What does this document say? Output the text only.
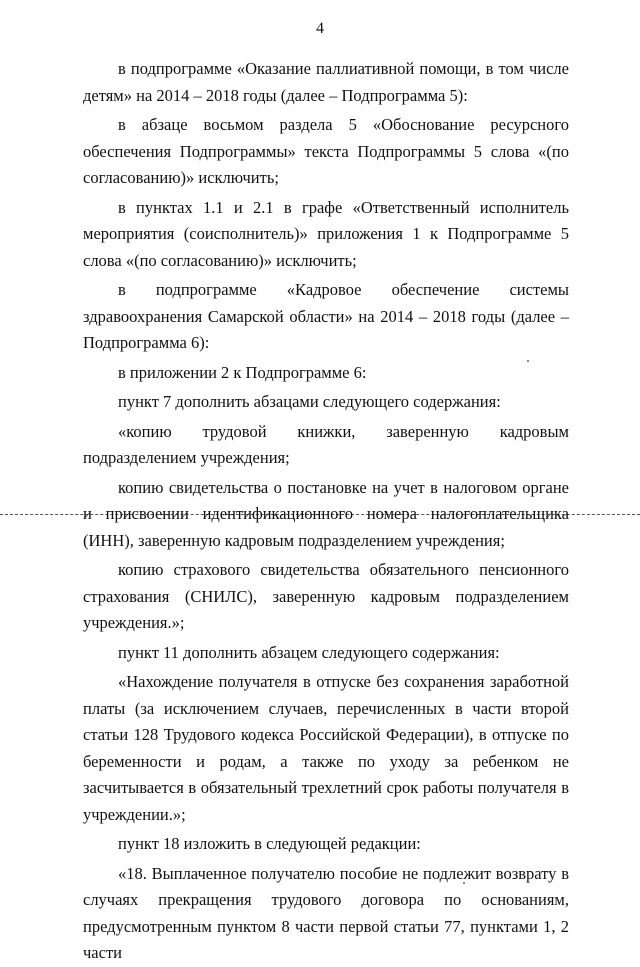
4

в подпрограмме «Оказание паллиативной помощи, в том числе детям» на 2014 – 2018 годы (далее – Подпрограмма 5):

в абзаце восьмом раздела 5 «Обоснование ресурсного обеспечения Подпрограммы» текста Подпрограммы 5 слова «(по согласованию)» исключить;

в пунктах 1.1 и 2.1 в графе «Ответственный исполнитель мероприятия (соисполнитель)» приложения 1 к Подпрограмме 5 слова «(по согласованию)» исключить;

в подпрограмме «Кадровое обеспечение системы здравоохранения Самарской области» на 2014 – 2018 годы (далее – Подпрограмма 6):

в приложении 2 к Подпрограмме 6:

пункт 7 дополнить абзацами следующего содержания:

«копию трудовой книжки, заверенную кадровым подразделением учреждения;

копию свидетельства о постановке на учет в налоговом органе и присвоении идентификационного номера налогоплательщика (ИНН), заверенную кадровым подразделением учреждения;

копию страхового свидетельства обязательного пенсионного страхования (СНИЛС), заверенную кадровым подразделением учреждения.»;

пункт 11 дополнить абзацем следующего содержания:

«Нахождение получателя в отпуске без сохранения заработной платы (за исключением случаев, перечисленных в части второй статьи 128 Трудового кодекса Российской Федерации), в отпуске по беременности и родам, а также по уходу за ребенком не засчитывается в обязательный трехлетний срок работы получателя в учреждении.»;

пункт 18 изложить в следующей редакции:

«18. Выплаченное получателю пособие не подлежит возврату в случаях прекращения трудового договора по основаниям, предусмотренным пунктом 8 части первой статьи 77, пунктами 1, 2 части
